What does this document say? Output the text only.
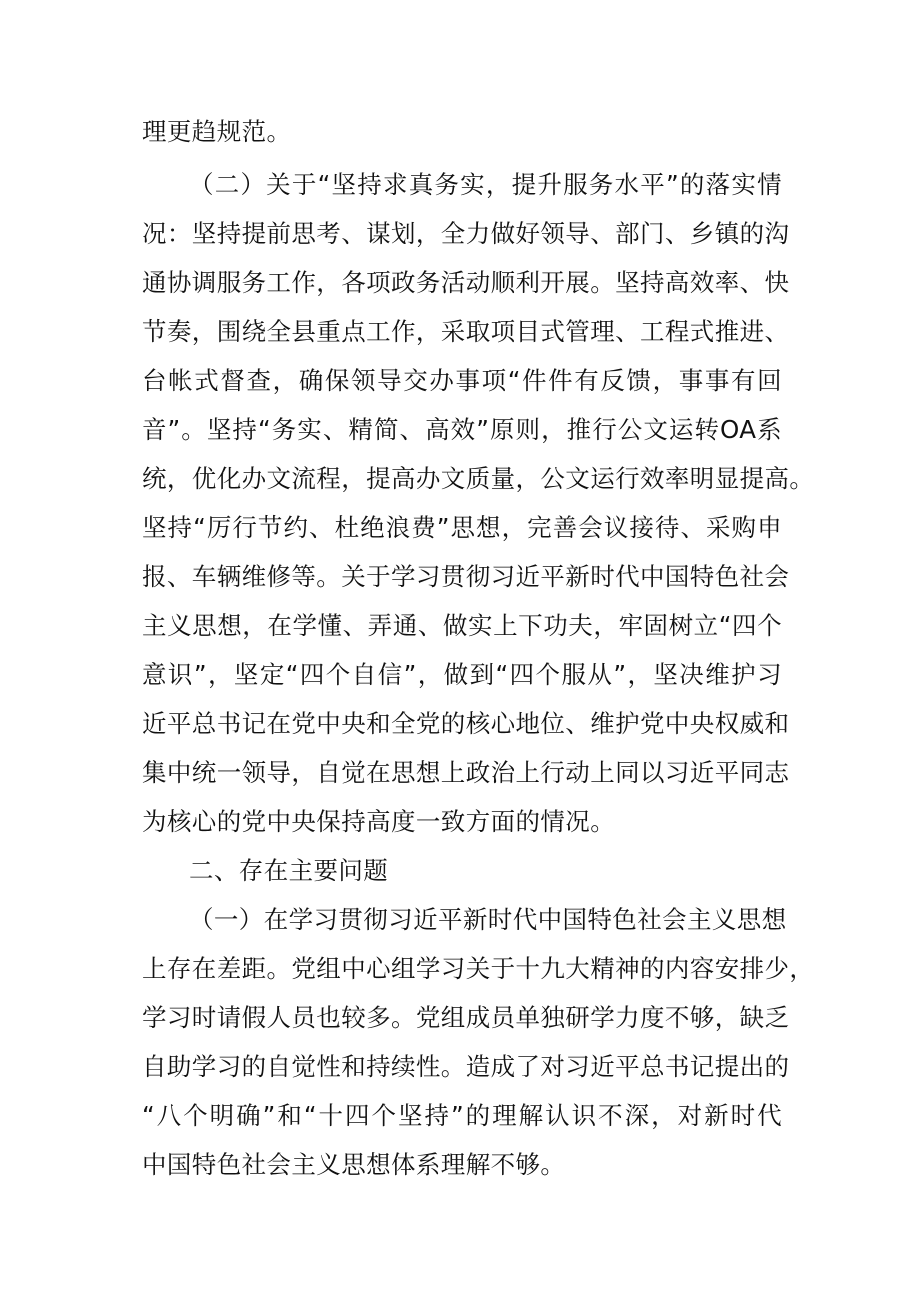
理更趋规范。
（二）关于“坚持求真务实，提升服务水平”的落实情
况：坚持提前思考、谋划，全力做好领导、部门、乡镇的沟
通协调服务工作，各项政务活动顺利开展。坚持高效率、快
节奏，围绕全县重点工作，采取项目式管理、工程式推进、
台帐式督查，确保领导交办事项“件件有反馈，事事有回
音”。坚持“务实、精简、高效”原则，推行公文运转OA系
统，优化办文流程，提高办文质量，公文运行效率明显提高。
坚持“厉行节约、杜绝浪费”思想，完善会议接待、采购申
报、车辆维修等。关于学习贯彻习近平新时代中国特色社会
主义思想，在学懂、弄通、做实上下功夫，牢固树立“四个
意识”，坚定“四个自信”，做到“四个服从”，坚决维护习
近平总书记在党中央和全党的核心地位、维护党中央权威和
集中统一领导，自觉在思想上政治上行动上同以习近平同志
为核心的党中央保持高度一致方面的情况。
二、存在主要问题
（一）在学习贯彻习近平新时代中国特色社会主义思想
上存在差距。党组中心组学习关于十九大精神的内容安排少，
学习时请假人员也较多。党组成员单独研学力度不够，缺乏
自助学习的自觉性和持续性。造成了对习近平总书记提出的
“八个明确”和“十四个坚持”的理解认识不深，对新时代
中国特色社会主义思想体系理解不够。
